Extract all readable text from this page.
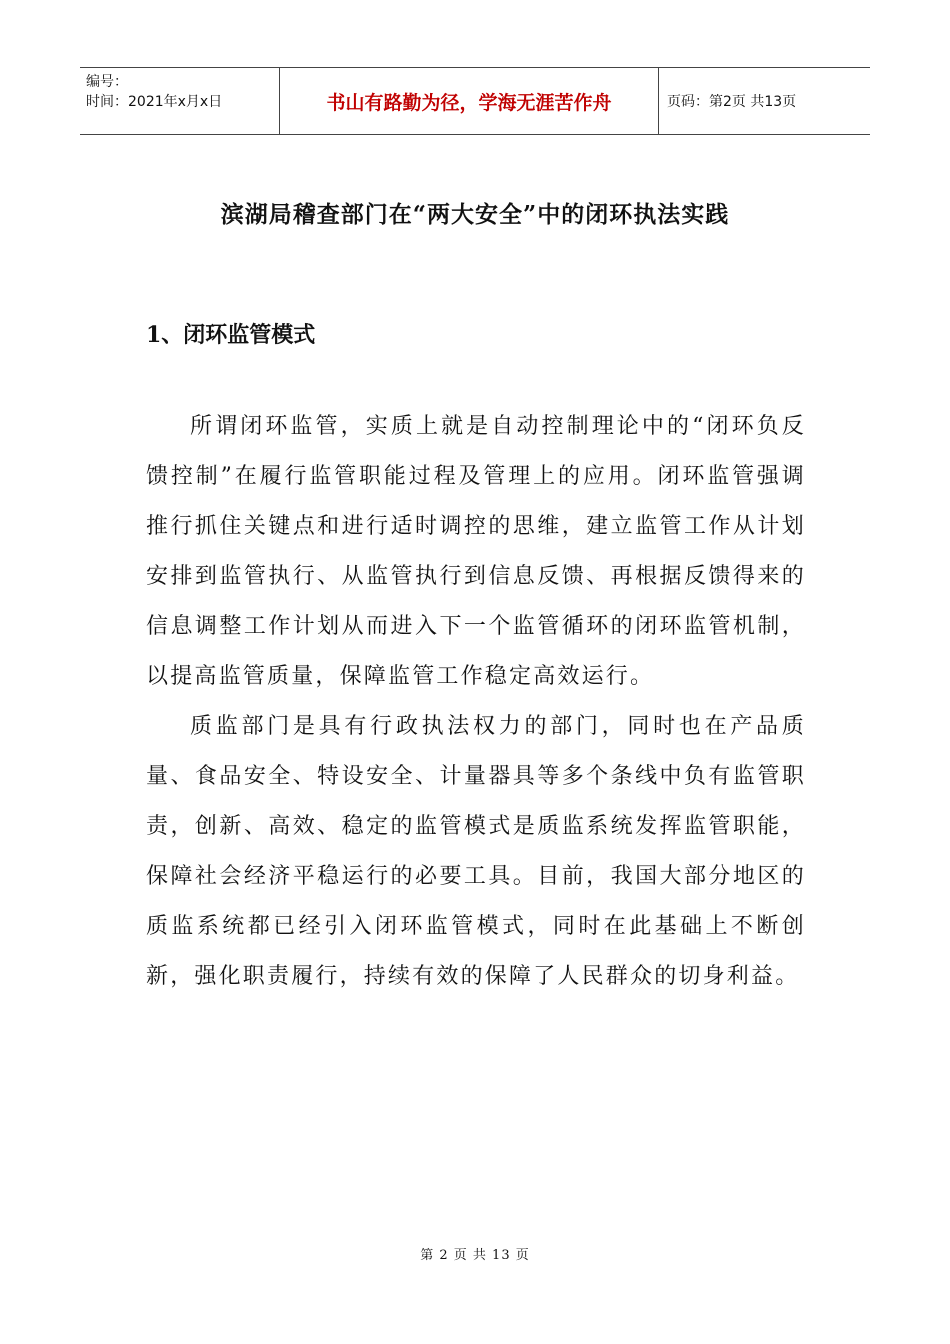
编号：
时间：2021年x月x日	书山有路勤为径，学海无涯苦作舟	页码：第2页 共13页
滨湖局稽查部门在“两大安全”中的闭环执法实践
1、闭环监管模式

所谓闭环监管，实质上就是自动控制理论中的“闭环负反馈控制”在履行监管职能过程及管理上的应用。闭环监管强调推行抓住关键点和进行适时调控的思维，建立监管工作从计划安排到监管执行、从监管执行到信息反馈、再根据反馈得来的信息调整工作计划从而进入下一个监管循环的闭环监管机制，以提高监管质量，保障监管工作稳定高效运行。

质监部门是具有行政执法权力的部门，同时也在产品质量、食品安全、特设安全、计量器具等多个条线中负有监管职责，创新、高效、稳定的监管模式是质监系统发挥监管职能，保障社会经济平稳运行的必要工具。目前，我国大部分地区的质监系统都已经引入闭环监管模式，同时在此基础上不断创新，强化职责履行，持续有效的保障了人民群众的切身利益。

第 2 页 共 13 页
